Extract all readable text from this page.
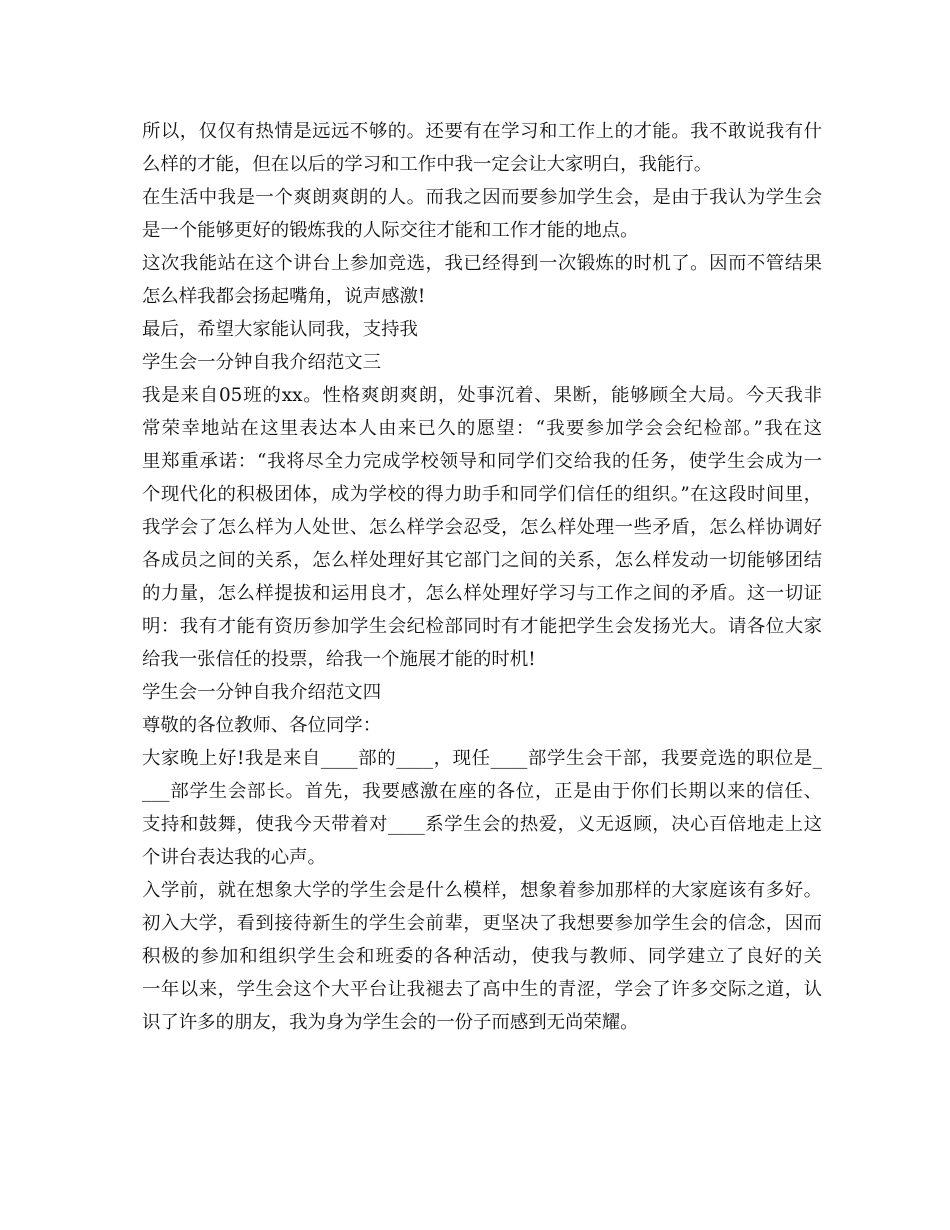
所以，仅仅有热情是远远不够的。还要有在学习和工作上的才能。我不敢说我有什
么样的才能，但在以后的学习和工作中我一定会让大家明白，我能行。
在生活中我是一个爽朗爽朗的人。而我之因而要参加学生会，是由于我认为学生会
是一个能够更好的锻炼我的人际交往才能和工作才能的地点。
这次我能站在这个讲台上参加竞选，我已经得到一次锻炼的时机了。因而不管结果
怎么样我都会扬起嘴角，说声感激!
最后，希望大家能认同我，支持我
学生会一分钟自我介绍范文三
我是来自05班的xx。性格爽朗爽朗，处事沉着、果断，能够顾全大局。今天我非
常荣幸地站在这里表达本人由来已久的愿望：“我要参加学会会纪检部。”我在这
里郑重承诺：“我将尽全力完成学校领导和同学们交给我的任务，使学生会成为一
个现代化的积极团体，成为学校的得力助手和同学们信任的组织。”在这段时间里，
我学会了怎么样为人处世、怎么样学会忍受，怎么样处理一些矛盾，怎么样协调好
各成员之间的关系，怎么样处理好其它部门之间的关系，怎么样发动一切能够团结
的力量，怎么样提拔和运用良才，怎么样处理好学习与工作之间的矛盾。这一切证
明：我有才能有资历参加学生会纪检部同时有才能把学生会发扬光大。请各位大家
给我一张信任的投票，给我一个施展才能的时机!
学生会一分钟自我介绍范文四
尊敬的各位教师、各位同学：
大家晚上好!我是来自____部的____，现任____部学生会干部，我要竞选的职位是_
___部学生会部长。首先，我要感激在座的各位，正是由于你们长期以来的信任、
支持和鼓舞，使我今天带着对____系学生会的热爱，义无返顾，决心百倍地走上这
个讲台表达我的心声。
入学前，就在想象大学的学生会是什么模样，想象着参加那样的大家庭该有多好。
初入大学，看到接待新生的学生会前辈，更坚决了我想要参加学生会的信念，因而
积极的参加和组织学生会和班委的各种活动，使我与教师、同学建立了良好的关
一年以来，学生会这个大平台让我褪去了高中生的青涩，学会了许多交际之道，认
识了许多的朋友，我为身为学生会的一份子而感到无尚荣耀。
